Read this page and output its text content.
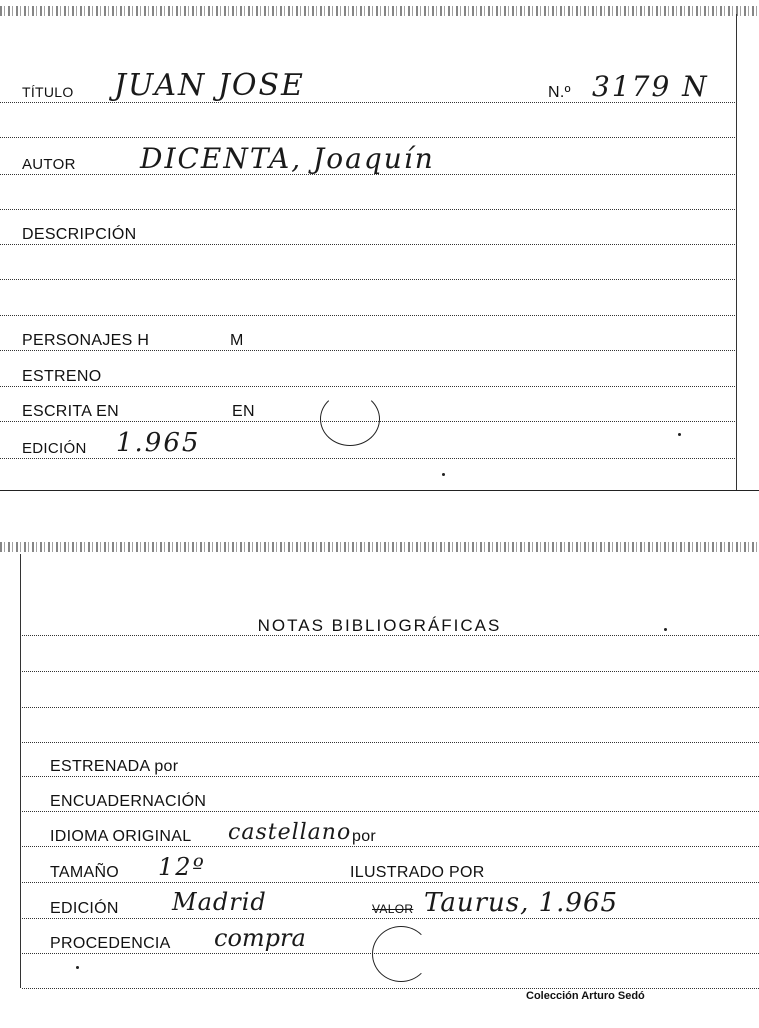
TÍTULO JUAN JOSE	N.º 3179 N
AUTOR DICENTA, Joaquín
DESCRIPCIÓN
PERSONAJES H	M
ESTRENO
ESCRITA EN	EN
EDICIÓN 1.965
NOTAS BIBLIOGRÁFICAS
ESTRENADA por
ENCUADERNACIÓN
IDIOMA ORIGINAL castellano por
TAMAÑO 12º	ILUSTRADO POR
EDICIÓN Madrid	VALOR Taurus, 1.965
PROCEDENCIA compra
Colección Arturo Sedó
